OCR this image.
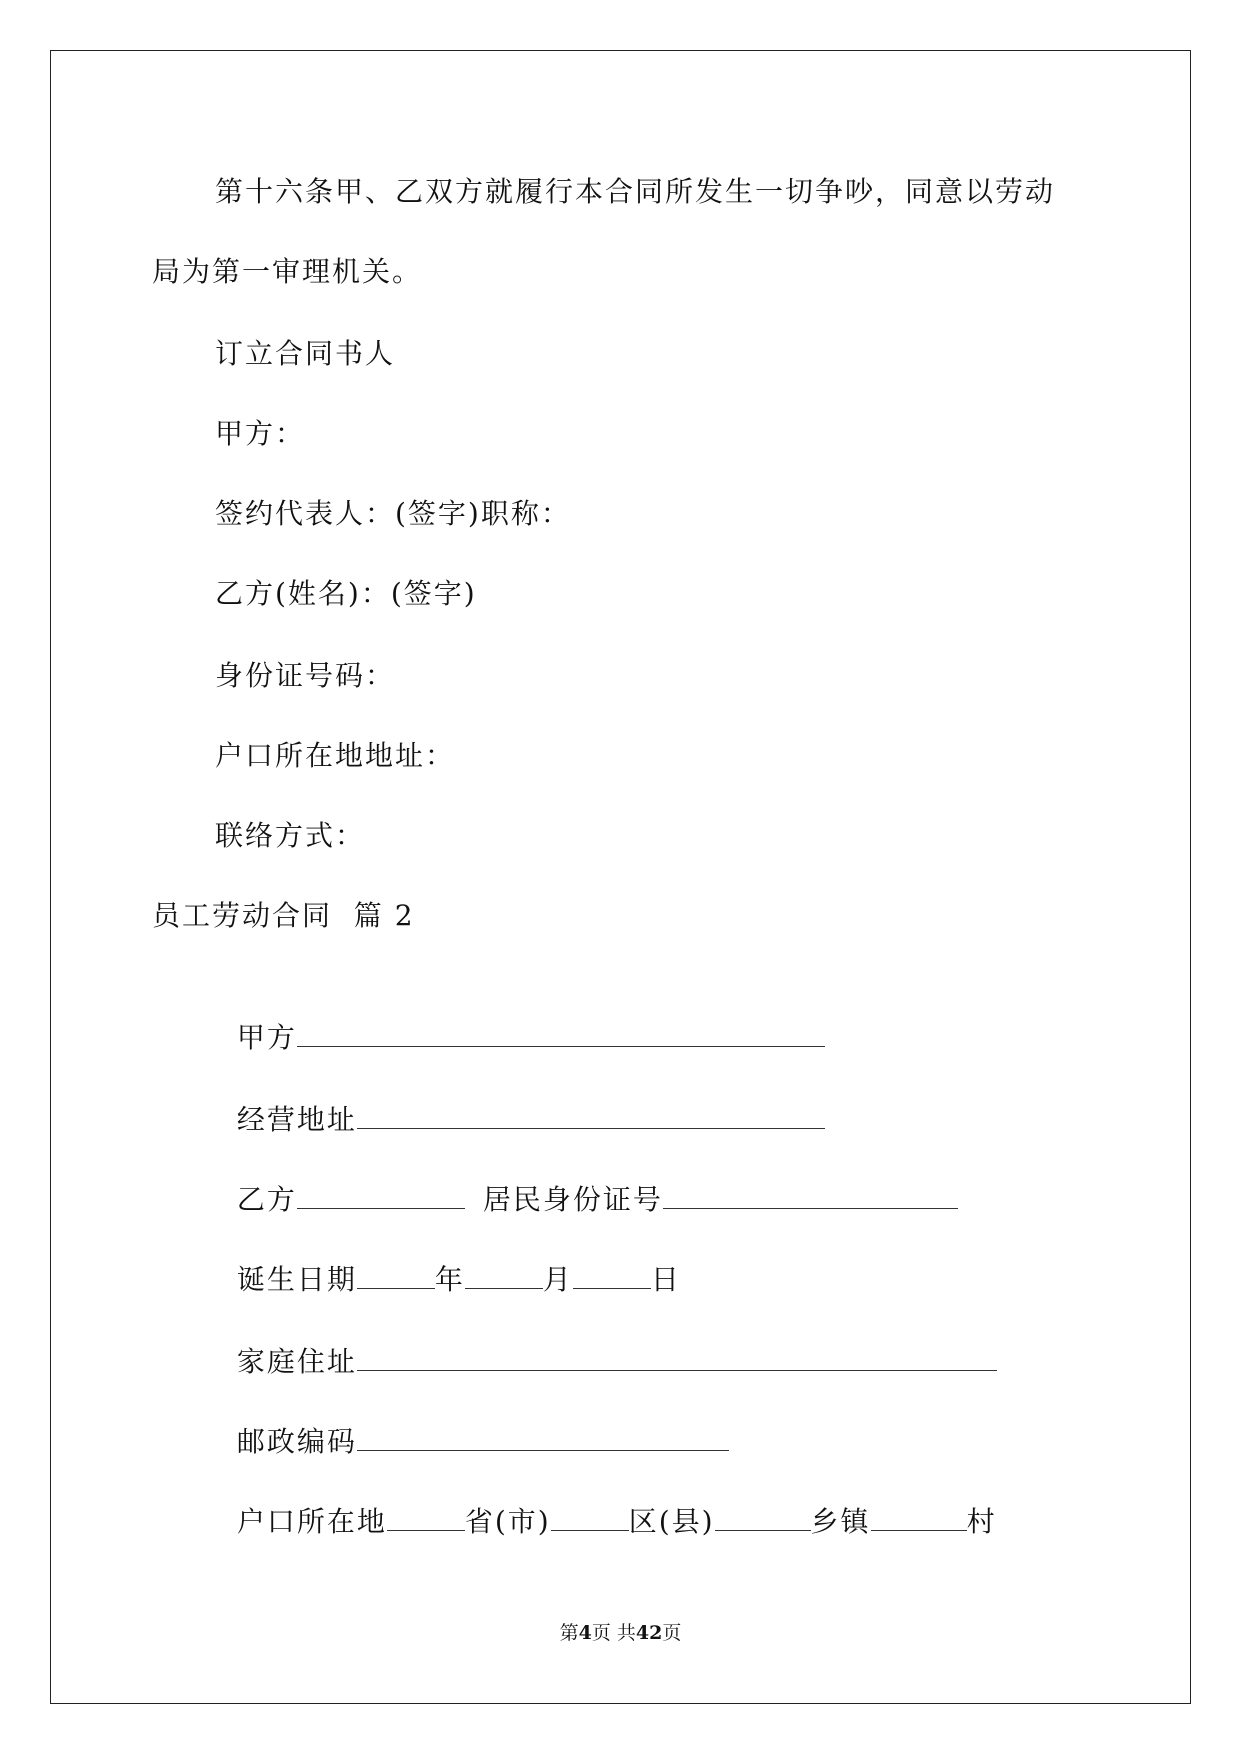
第十六条甲、乙双方就履行本合同所发生一切争吵，同意以劳动
局为第一审理机关。
订立合同书人
甲方：
签约代表人：(签字)职称：
乙方(姓名)：(签字)
身份证号码：
户口所在地地址：
联络方式：
员工劳动合同  篇 2

甲方

经营地址

乙方	居民身份证号

诞生日期	年	月	日

家庭住址

邮政编码

户口所在地	省(市)	区(县)	乡镇	村

第4页 共42页
